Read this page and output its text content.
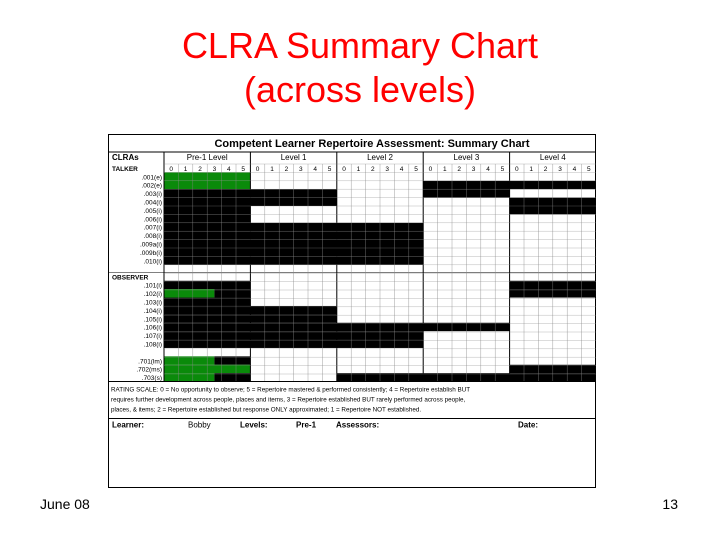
CLRA Summary Chart
(across levels)
Competent Learner Repertoire Assessment: Summary Chart
CLRAs	Pre-1 Level	Level 1	Level 2	Level 3	Level 4
TALKER	0 1 2 3 4 5 0 1 2 3 4 5 0 1 2 3 4 5 0 1 2 3 4 5 0 1 2 3 4 5
.001(e)
.002(e)
.003(i)
.004(i)
.005(i)
.006(i)
.007(i)
.008(i)
.009a(i)
.009b(i)
.010(i)
OBSERVER
.101(i)
.102(i)
.103(i)
.104(i)
.105(i)
.106(i)
.107(i)
.108(i)
.701(lm)
.702(ms)
.703(s)
RATING SCALE: 0 = No opportunity to observe; 5 = Repertoire mastered & performed consistently; 4 = Repertoire establish BUT
requires further development across people, places and items, 3 = Repertoire established BUT rarely performed across people,
places, & items; 2 = Repertoire established but response ONLY approximated; 1 = Repertoire NOT established.
Learner:	Bobby	Levels:	Pre-1 Assessors:	Date:
June 08	13
